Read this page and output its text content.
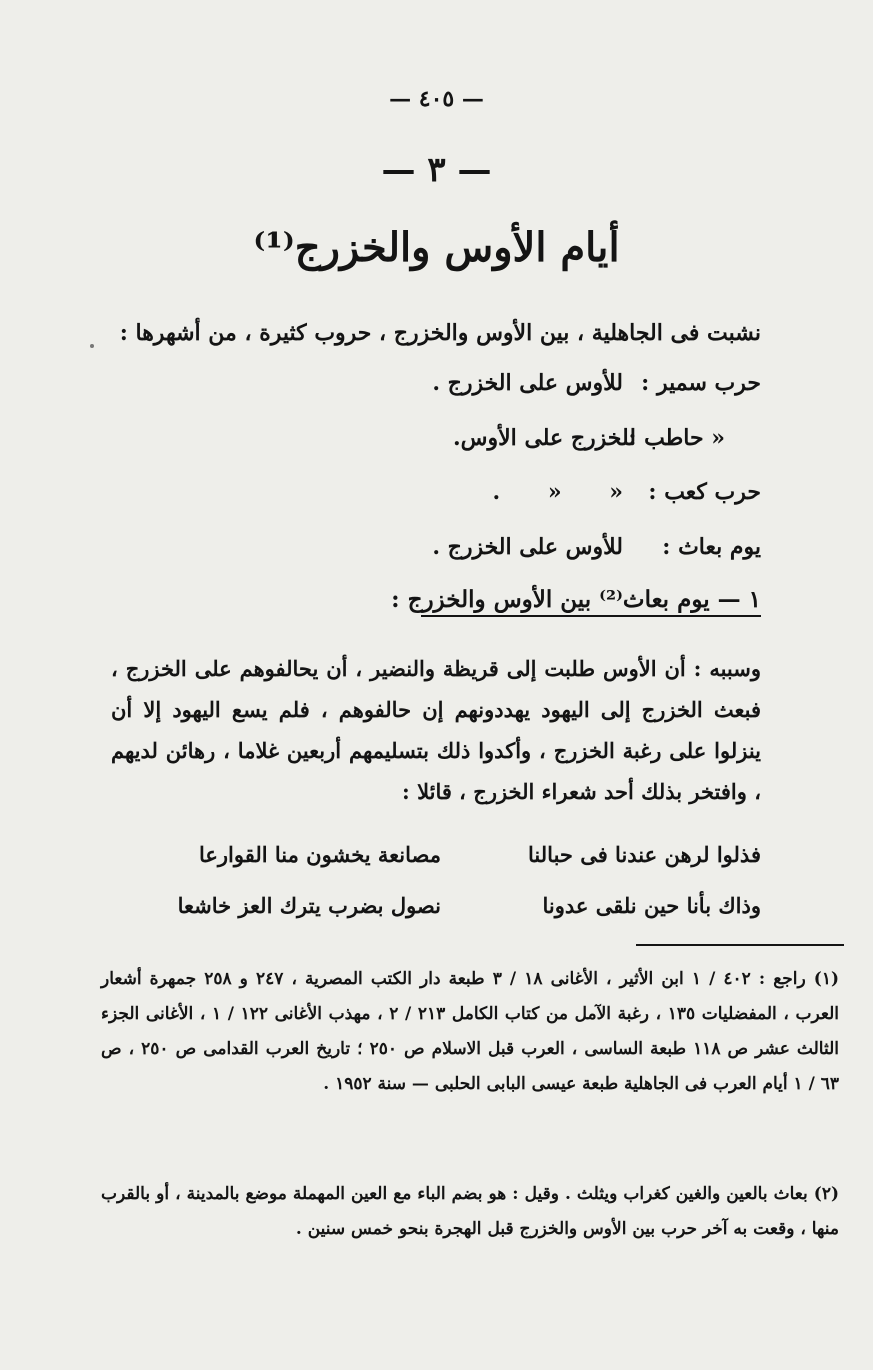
— ٤٠٥ —
— ٣ —
أيام الأوس والخزرج⁽¹⁾
نشبت فى الجاهلية ، بين الأوس والخزرج ، حروب كثيرة ، من أشهرها :
حرب سمير :
للأوس على الخزرج .
« حاطب :
للخزرج على الأوس.
حرب كعب :
« « .
يوم بعاث :
للأوس على الخزرج .
١ — يوم بعاث⁽²⁾ بين الأوس والخزرج :
وسببه : أن الأوس طلبت إلى قريظة والنضير ، أن يحالفوهم على الخزرج ، فبعث الخزرج إلى اليهود يهددونهم إن حالفوهم ، فلم يسع اليهود إلا أن ينزلوا على رغبة الخزرج ، وأكدوا ذلك بتسليمهم أربعين غلاما ، رهائن لديهم ، وافتخر بذلك أحد شعراء الخزرج ، قائلا :
فذلوا لرهن عندنا فى حبالنا
مصانعة يخشون منا القوارعا
وذاك بأنا حين نلقى عدونا
نصول بضرب يترك العز خاشعا
(١) راجع : ٤٠٢ / ١ ابن الأثير ، الأغانى ١٨ / ٣ طبعة دار الكتب المصرية ، ٢٤٧ و ٢٥٨ جمهرة أشعار العرب ، المفضليات ١٣٥ ، رغبة الآمل من كتاب الكامل ٢١٣ / ٢ ، مهذب الأغانى ١٢٢ / ١ ، الأغانى الجزء الثالث عشر ص ١١٨ طبعة الساسى ، العرب قبل الاسلام ص ٢٥٠ ؛ تاريخ العرب القدامى ص ٢٥٠ ، ص ٦٣ / ١ أيام العرب فى الجاهلية طبعة عيسى البابى الحلبى — سنة ١٩٥٢ .
(٢) بعاث بالعين والغين كغراب ويثلث . وقيل : هو بضم الباء مع العين المهملة موضع بالمدينة ، أو بالقرب منها ، وقعت به آخر حرب بين الأوس والخزرج قبل الهجرة بنحو خمس سنين .
